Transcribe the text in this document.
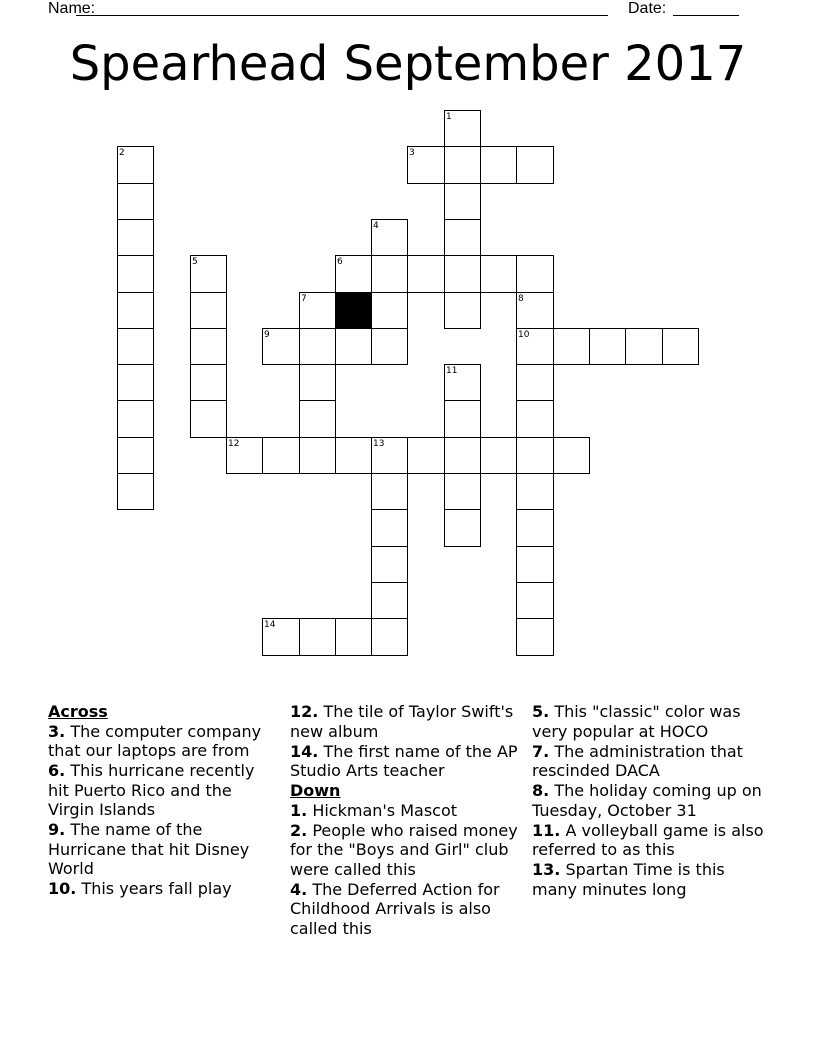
Name:	Date:
Spearhead September 2017
1
2	3
4
5	6
7	8
9	10
11
12	13
14
Across
3. The computer company that our laptops are from
6. This hurricane recently hit Puerto Rico and the Virgin Islands
9. The name of the Hurricane that hit Disney World
10. This years fall play
12. The tile of Taylor Swift's new album
14. The first name of the AP Studio Arts teacher
Down
1. Hickman's Mascot
2. People who raised money for the "Boys and Girl" club were called this
4. The Deferred Action for Childhood Arrivals is also called this
5. This "classic" color was very popular at HOCO
7. The administration that rescinded DACA
8. The holiday coming up on Tuesday, October 31
11. A volleyball game is also referred to as this
13. Spartan Time is this many minutes long
